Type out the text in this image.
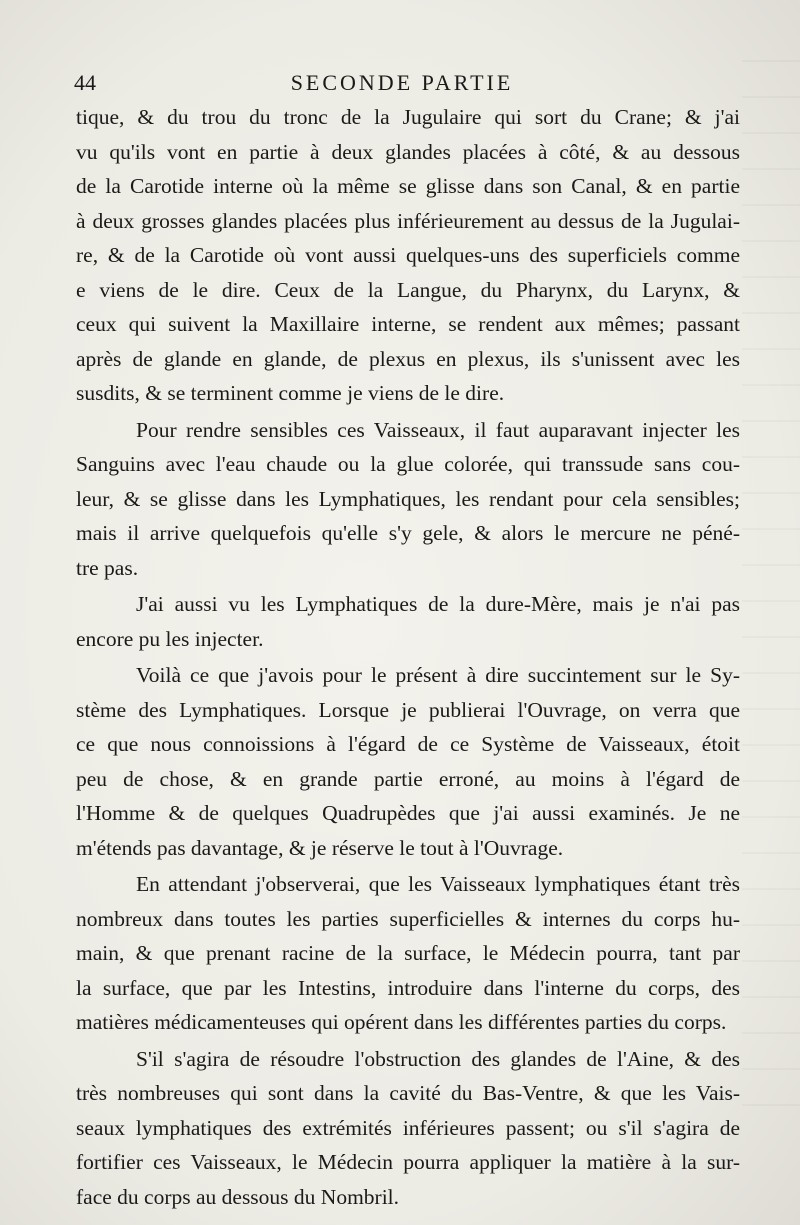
44	SECONDE PARTIE
tique, & du trou du tronc de la Jugulaire qui sort du Crane; & j'ai
vu qu'ils vont en partie à deux glandes placées à côté, & au dessous
de la Carotide interne où la même se glisse dans son Canal, & en partie
à deux grosses glandes placées plus inférieurement au dessus de la Jugulai-
re, & de la Carotide où vont aussi quelques-uns des superficiels comme
e viens de le dire. Ceux de la Langue, du Pharynx, du Larynx, &
ceux qui suivent la Maxillaire interne, se rendent aux mêmes; passant
après de glande en glande, de plexus en plexus, ils s'unissent avec les
susdits, & se terminent comme je viens de le dire.
Pour rendre sensibles ces Vaisseaux, il faut auparavant injecter les
Sanguins avec l'eau chaude ou la glue colorée, qui transsude sans cou-
leur, & se glisse dans les Lymphatiques, les rendant pour cela sensibles;
mais il arrive quelquefois qu'elle s'y gele, & alors le mercure ne péné-
tre pas.
J'ai aussi vu les Lymphatiques de la dure-Mère, mais je n'ai pas
encore pu les injecter.
Voilà ce que j'avois pour le présent à dire succintement sur le Sy-
stème des Lymphatiques. Lorsque je publierai l'Ouvrage, on verra que
ce que nous connoissions à l'égard de ce Système de Vaisseaux, étoit
peu de chose, & en grande partie erroné, au moins à l'égard de
l'Homme & de quelques Quadrupèdes que j'ai aussi examinés. Je ne
m'étends pas davantage, & je réserve le tout à l'Ouvrage.
En attendant j'observerai, que les Vaisseaux lymphatiques étant très
nombreux dans toutes les parties superficielles & internes du corps hu-
main, & que prenant racine de la surface, le Médecin pourra, tant par
la surface, que par les Intestins, introduire dans l'interne du corps, des
matières médicamenteuses qui opérent dans les différentes parties du corps.
S'il s'agira de résoudre l'obstruction des glandes de l'Aine, & des
très nombreuses qui sont dans la cavité du Bas-Ventre, & que les Vais-
seaux lymphatiques des extrémités inférieures passent; ou s'il s'agira de
fortifier ces Vaisseaux, le Médecin pourra appliquer la matière à la sur-
face du corps au dessous du Nombril.
